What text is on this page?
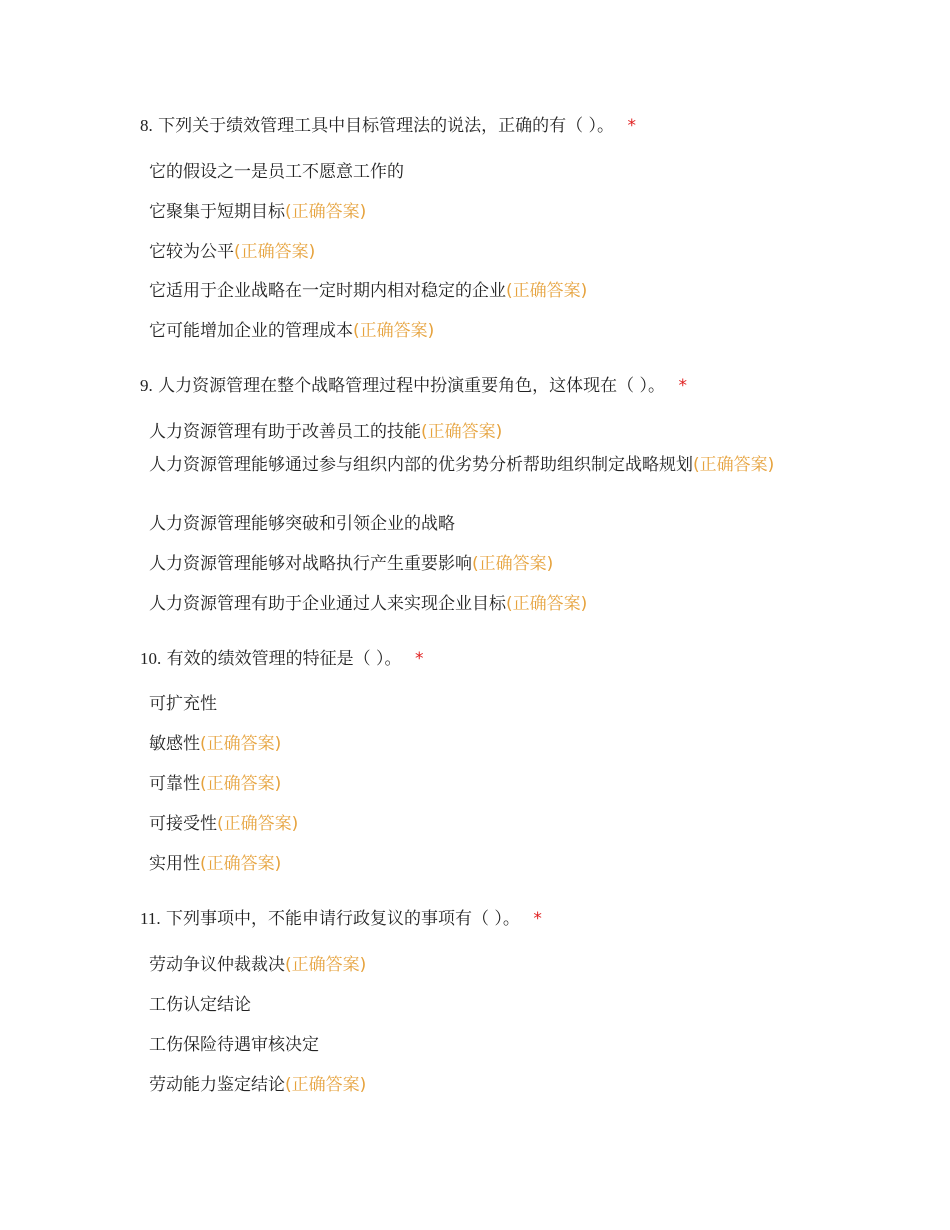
8. 下列关于绩效管理工具中目标管理法的说法，正确的有（ ）。 *
它的假设之一是员工不愿意工作的
它聚集于短期目标(正确答案)
它较为公平(正确答案)
它适用于企业战略在一定时期内相对稳定的企业(正确答案)
它可能增加企业的管理成本(正确答案)
9. 人力资源管理在整个战略管理过程中扮演重要角色，这体现在（ ）。 *
人力资源管理有助于改善员工的技能(正确答案)
人力资源管理能够通过参与组织内部的优劣势分析帮助组织制定战略规划(正确答案)
人力资源管理能够突破和引领企业的战略
人力资源管理能够对战略执行产生重要影响(正确答案)
人力资源管理有助于企业通过人来实现企业目标(正确答案)
10. 有效的绩效管理的特征是（ ）。 *
可扩充性
敏感性(正确答案)
可靠性(正确答案)
可接受性(正确答案)
实用性(正确答案)
11. 下列事项中，不能申请行政复议的事项有（ ）。 *
劳动争议仲裁裁决(正确答案)
工伤认定结论
工伤保险待遇审核决定
劳动能力鉴定结论(正确答案)
